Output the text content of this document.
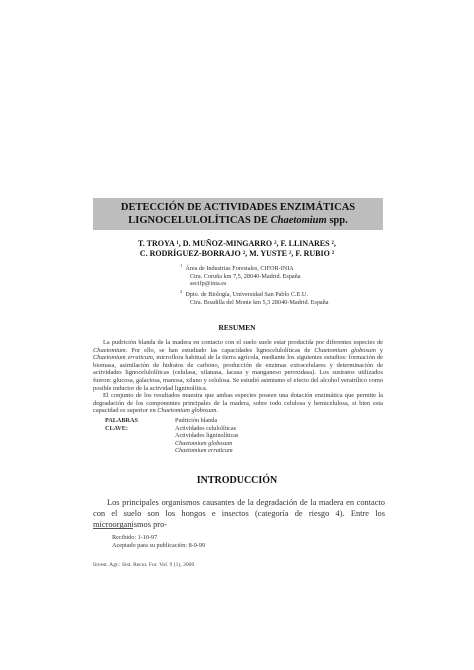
DETECCIÓN DE ACTIVIDADES ENZIMÁTICAS
LIGNOCELULOLÍTICAS DE Chaetomium spp.
T. TROYA ¹, D. MUÑOZ-MINGARRO ², F. LLINARES ²,
C. RODRÍGUEZ-BORRAJO ², M. YUSTE ², F. RUBIO ²
$^1$ Área de Industrias Forestales, CIFOR-INIA
Ctra. Coruña km 7,5, 28040-Madrid. España
secifp@inia.es
$^2$ Dpto. de Biología, Universidad San Pablo C.E.U.
Ctra. Boadilla del Monte km 5,3 28040-Madrid. España
RESUMEN

La pudrición blanda de la madera en contacto con el suelo suele estar producida por diferentes especies de Chaetomium. Por ello, se han estudiado las capacidades lignocelulolíticas de Chaetomium globosum y Chaetomium erraticum, microflora habitual de la tierra agrícola, mediante los siguientes estudios: formación de biomasa, asimilación de hidratos de carbono, producción de enzimas extracelulares y determinación de actividades lignocelulolíticas (celulasa, xilanasa, lacasa y manganeso peroxidasa). Los sustratos utilizados fueron: glucosa, galactosa, manosa, xilano y celulosa. Se estudió asimismo el efecto del alcohol veratrílico como posible inductor de la actividad ligninolítica.

El conjunto de los resultados muestra que ambas especies poseen una dotación enzimática que permite la degradación de los componentes principales de la madera, sobre todo celulosa y hemicelulosa, si bien esta capacidad es superior en Chaetomium globosum.

PALABRAS CLAVE:
Pudrición blanda
Actividades celulolíticas
Actividades ligninolíticas
Chaetomium globosum
Chaetomium erraticum
INTRODUCCIÓN

Los principales organismos causantes de la degradación de la madera en contacto con el suelo son los hongos e insectos (categoría de riesgo 4). Entre los microorganismos pro-

Recibido: 1-10-97
Aceptado para su publicación: 8-9-99
Invest. Agr.: Sist. Recur. For. Vol. 9 (1), 2000
